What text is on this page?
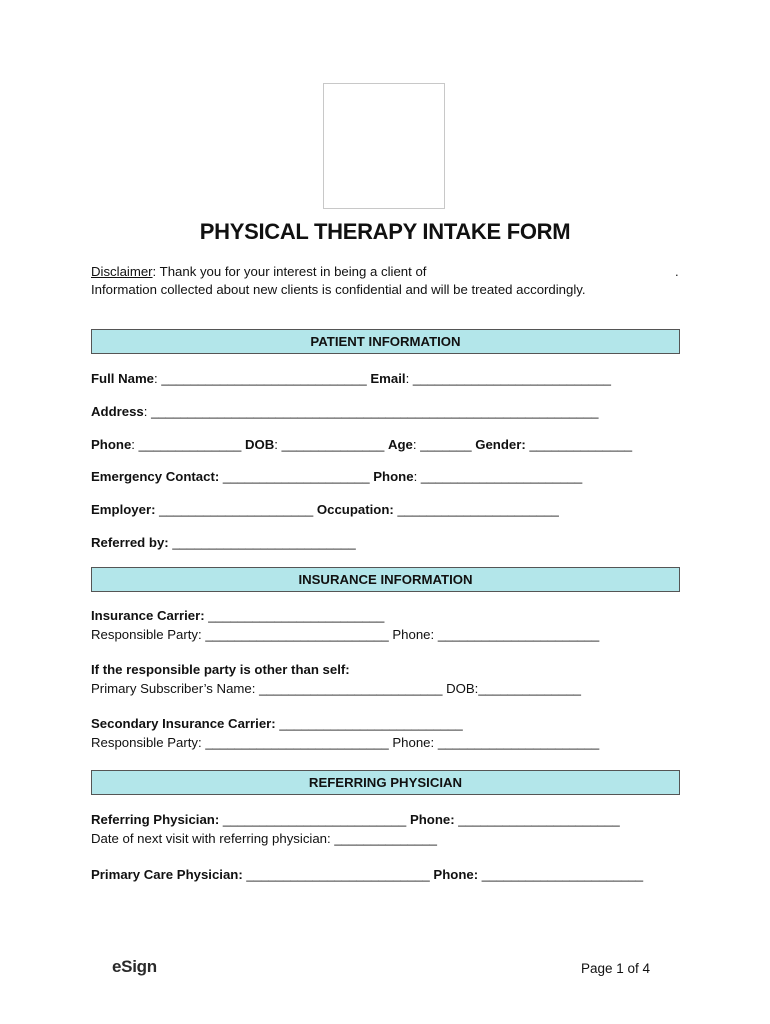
PHYSICAL THERAPY INTAKE FORM
Disclaimer: Thank you for your interest in being a client of	.
Information collected about new clients is confidential and will be treated accordingly.
PATIENT INFORMATION
Full Name: ____________________________ Email: ___________________________
Address: _____________________________________________________________
Phone: ______________ DOB: ______________ Age: _______ Gender: ______________
Emergency Contact: ____________________ Phone: ______________________
Employer: _____________________ Occupation: ______________________
Referred by: _________________________
INSURANCE INFORMATION
Insurance Carrier: ________________________
Responsible Party: _________________________ Phone: ______________________
If the responsible party is other than self:
Primary Subscriber’s Name: _________________________ DOB:______________
Secondary Insurance Carrier: _________________________
Responsible Party: _________________________ Phone: ______________________
REFERRING PHYSICIAN
Referring Physician: _________________________ Phone: ______________________
Date of next visit with referring physician: ______________
Primary Care Physician: _________________________ Phone: ______________________
eSign	Page 1 of 4
